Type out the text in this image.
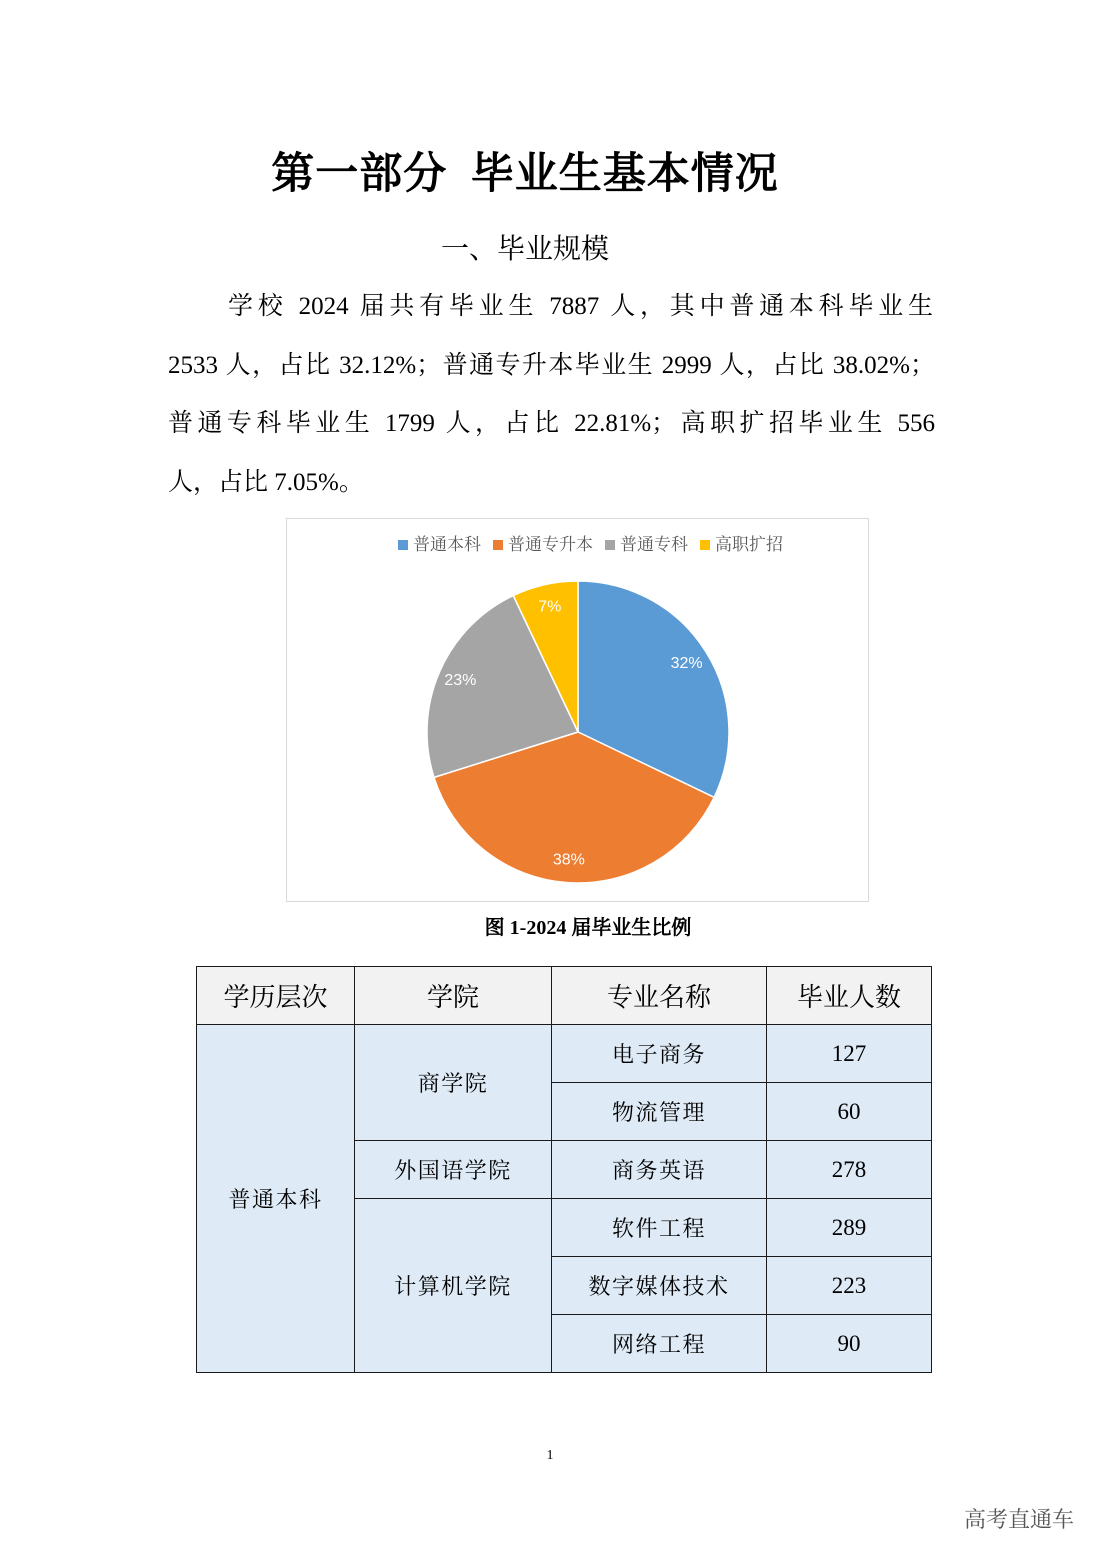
第一部分  毕业生基本情况
一、毕业规模
学校 2024 届共有毕业生 7887 人，其中普通本科毕业生
2533 人，占比 32.12%；普通专升本毕业生 2999 人，占比 38.02%；
普通专科毕业生 1799 人，占比 22.81%；高职扩招毕业生 556
人，占比 7.05%。
普通本科 普通专升本 普通专科 高职扩招
32%
38%
23%
7%
图 1-2024 届毕业生比例
学历层次	学院	专业名称	毕业人数
普通本科	商学院	电子商务	127
		物流管理	60
	外国语学院	商务英语	278
	计算机学院	软件工程	289
		数字媒体技术	223
		网络工程	90
1
高考直通车
